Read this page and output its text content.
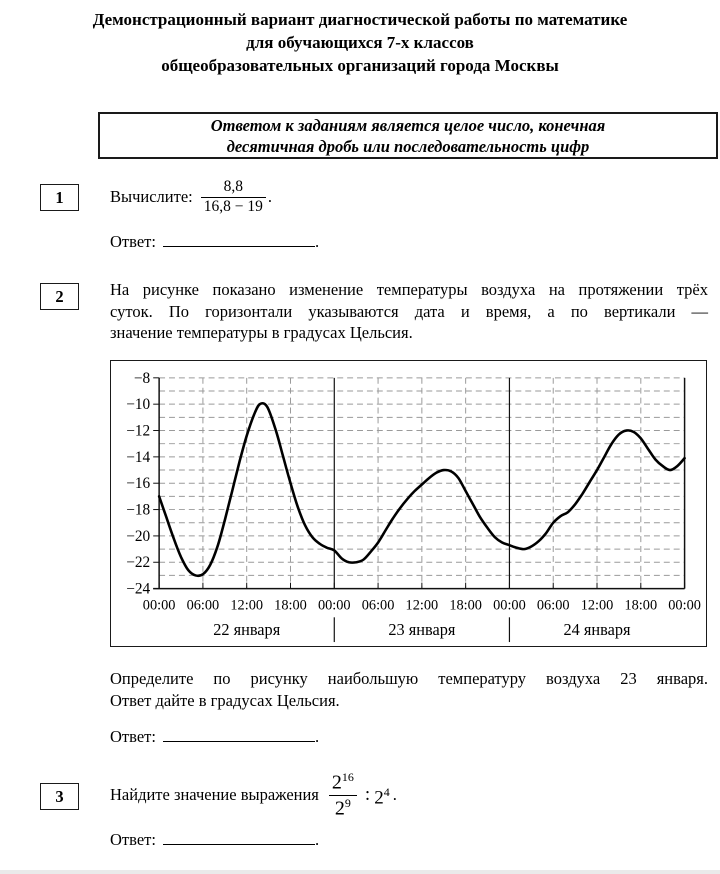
Демонстрационный вариант диагностической работы по математике
для обучающихся 7-х классов
общеобразовательных организаций города Москвы
Ответом к заданиям является целое число, конечная
десятичная дробь или последовательность цифр
1	Вычислите: $\frac{8,8}{16,8 - 19}$ .
Ответ:	.
2	На рисунке показано изменение температуры воздуха на протяжении трёх
суток. По горизонтали указываются дата и время, а по вертикали —
значение температуры в градусах Цельсия.
−8
−10
−12
−14
−16
−18
−20
−22
−24
00:00 06:00 12:00 18:00 00:00 06:00 12:00 18:00 00:00 06:00 12:00 18:00 00:00
22 января	23 января	24 января
Определите по рисунку наибольшую температуру воздуха 23 января.
Ответ дайте в градусах Цельсия.
Ответ:	.
3	Найдите значение выражения $\frac{2^{16}}{2^9}$ : $2^4$ .
Ответ:	.
